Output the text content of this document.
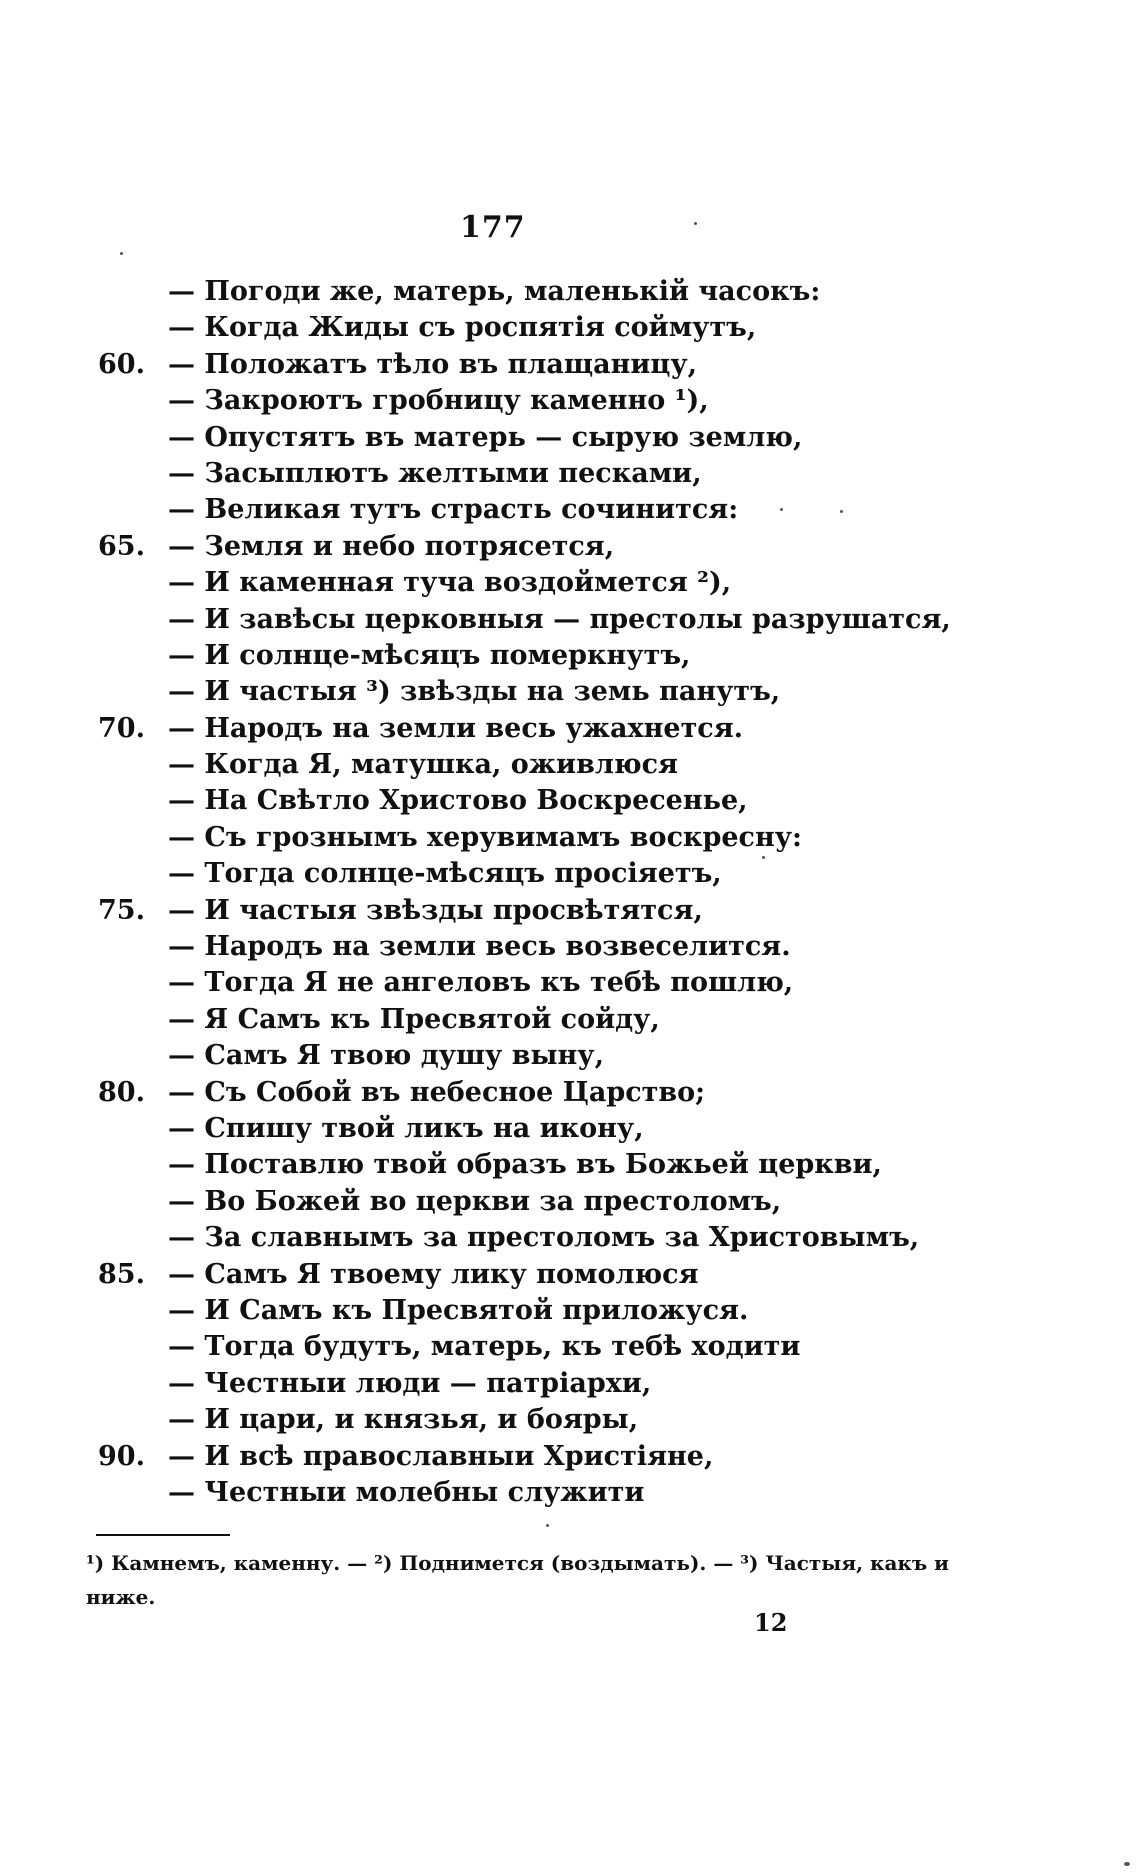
177
— Погоди же, матерь, маленькій часокъ:
— Когда Жиды съ роспятія соймутъ,
60. — Положатъ тѣло въ плащаницу,
— Закроютъ гробницу каменно ¹),
— Опустятъ въ матерь — сырую землю,
— Засыплютъ желтыми песками,
— Великая тутъ страсть сочинится:
65. — Земля и небо потрясется,
— И каменная туча воздоймется ²),
— И завѣсы церковныя — престолы разрушатся,
— И солнце-мѣсяцъ померкнутъ,
— И частыя ³) звѣзды на земь панутъ,
70. — Народъ на земли весь ужахнется.
— Когда Я, матушка, оживлюся
— На Свѣтло Христово Воскресенье,
— Съ грознымъ херувимамъ воскресну:
— Тогда солнце-мѣсяцъ просіяетъ,
75. — И частыя звѣзды просвѣтятся,
— Народъ на земли весь возвеселится.
— Тогда Я не ангеловъ къ тебѣ пошлю,
— Я Самъ къ Пресвятой сойду,
— Самъ Я твою душу выну,
80. — Съ Собой въ небесное Царство;
— Спишу твой ликъ на икону,
— Поставлю твой образъ въ Божьей церкви,
— Во Божей во церкви за престоломъ,
— За славнымъ за престоломъ за Христовымъ,
85. — Самъ Я твоему лику помолюся
— И Самъ къ Пресвятой приложуся.
— Тогда будутъ, матерь, къ тебѣ ходити
— Честныи люди — патріархи,
— И цари, и князья, и бояры,
90. — И всѣ православныи Христіяне,
— Честныи молебны служити
¹) Камнемъ, каменну. — ²) Поднимется (воздымать). — ³) Частыя, какъ и
ниже.
12
